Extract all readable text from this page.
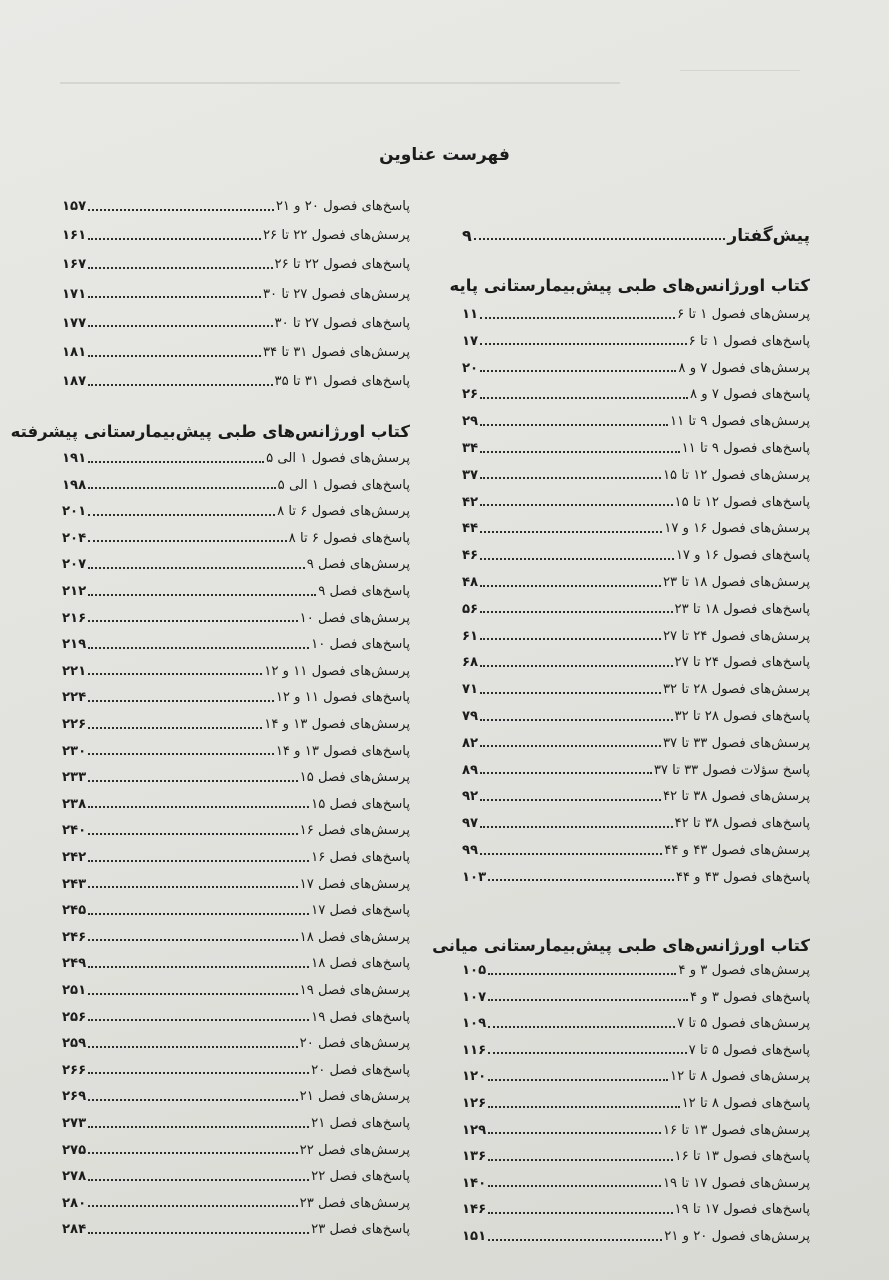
فهرست عناوین
پیش‌گفتار
۹
کتاب اورژانس‌های طبی پیش‌بیمارستانی پایه
پرسش‌های فصول ۱ تا ۶
۱۱
پاسخ‌های فصول ۱ تا ۶
۱۷
پرسش‌های فصول ۷ و ۸
۲۰
پاسخ‌های فصول ۷ و ۸
۲۶
پرسش‌های فصول ۹ تا ۱۱
۲۹
پاسخ‌های فصول ۹ تا ۱۱
۳۴
پرسش‌های فصول ۱۲ تا ۱۵
۳۷
پاسخ‌های فصول ۱۲ تا ۱۵
۴۲
پرسش‌های فصول ۱۶ و ۱۷
۴۴
پاسخ‌های فصول ۱۶ و ۱۷
۴۶
پرسش‌های فصول ۱۸ تا ۲۳
۴۸
پاسخ‌های فصول ۱۸ تا ۲۳
۵۶
پرسش‌های فصول ۲۴ تا ۲۷
۶۱
پاسخ‌های فصول ۲۴ تا ۲۷
۶۸
پرسش‌های فصول ۲۸ تا ۳۲
۷۱
پاسخ‌های فصول ۲۸ تا ۳۲
۷۹
پرسش‌های فصول ۳۳ تا ۳۷
۸۲
پاسخ سؤلات فصول ۳۳ تا ۳۷
۸۹
پرسش‌های فصول ۳۸ تا ۴۲
۹۲
پاسخ‌های فصول ۳۸ تا ۴۲
۹۷
پرسش‌های فصول ۴۳ و ۴۴
۹۹
پاسخ‌های فصول ۴۳ و ۴۴
۱۰۳
کتاب اورژانس‌های طبی پیش‌بیمارستانی میانی
پرسش‌های فصول ۳ و ۴
۱۰۵
پاسخ‌های فصول ۳ و ۴
۱۰۷
پرسش‌های فصول ۵ تا ۷
۱۰۹
پاسخ‌های فصول ۵ تا ۷
۱۱۶
پرسش‌های فصول ۸ تا ۱۲
۱۲۰
پاسخ‌های فصول ۸ تا ۱۲
۱۲۶
پرسش‌های فصول ۱۳ تا ۱۶
۱۲۹
پاسخ‌های فصول ۱۳ تا ۱۶
۱۳۶
پرسش‌های فصول ۱۷ تا ۱۹
۱۴۰
پاسخ‌های فصول ۱۷ تا ۱۹
۱۴۶
پرسش‌های فصول ۲۰ و ۲۱
۱۵۱
پاسخ‌های فصول ۲۰ و ۲۱
۱۵۷
پرسش‌های فصول ۲۲ تا ۲۶
۱۶۱
پاسخ‌های فصول ۲۲ تا ۲۶
۱۶۷
پرسش‌های فصول ۲۷ تا ۳۰
۱۷۱
پاسخ‌های فصول ۲۷ تا ۳۰
۱۷۷
پرسش‌های فصول ۳۱ تا ۳۴
۱۸۱
پاسخ‌های فصول ۳۱ تا ۳۵
۱۸۷
کتاب اورژانس‌های طبی پیش‌بیمارستانی پیشرفته
پرسش‌های فصول ۱ الی ۵
۱۹۱
پاسخ‌های فصول ۱ الی ۵
۱۹۸
پرسش‌های فصول ۶ تا ۸
۲۰۱
پاسخ‌های فصول ۶ تا ۸
۲۰۴
پرسش‌های فصل ۹
۲۰۷
پاسخ‌های فصل ۹
۲۱۲
پرسش‌های فصل ۱۰
۲۱۶
پاسخ‌های فصل ۱۰
۲۱۹
پرسش‌های فصول ۱۱ و ۱۲
۲۲۱
پاسخ‌های فصول ۱۱ و ۱۲
۲۲۴
پرسش‌های فصول ۱۳ و ۱۴
۲۲۶
پاسخ‌های فصول ۱۳ و ۱۴
۲۳۰
پرسش‌های فصل ۱۵
۲۳۳
پاسخ‌های فصل ۱۵
۲۳۸
پرسش‌های فصل ۱۶
۲۴۰
پاسخ‌های فصل ۱۶
۲۴۲
پرسش‌های فصل ۱۷
۲۴۳
پاسخ‌های فصل ۱۷
۲۴۵
پرسش‌های فصل ۱۸
۲۴۶
پاسخ‌های فصل ۱۸
۲۴۹
پرسش‌های فصل ۱۹
۲۵۱
پاسخ‌های فصل ۱۹
۲۵۶
پرسش‌های فصل ۲۰
۲۵۹
پاسخ‌های فصل ۲۰
۲۶۶
پرسش‌های فصل ۲۱
۲۶۹
پاسخ‌های فصل ۲۱
۲۷۳
پرسش‌های فصل ۲۲
۲۷۵
پاسخ‌های فصل ۲۲
۲۷۸
پرسش‌های فصل ۲۳
۲۸۰
پاسخ‌های فصل ۲۳
۲۸۴
